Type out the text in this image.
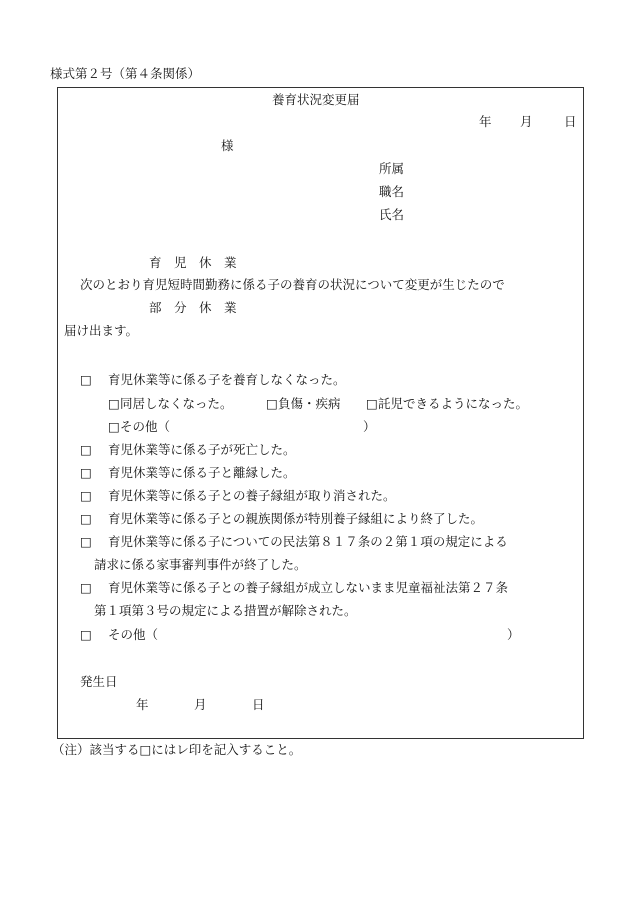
様式第２号（第４条関係）
養育状況変更届
年 月	日
様
所属
職名
氏名
育　児　休　業
次のとおり育児短時間勤務に係る子の養育の状況について変更が生じたので
部　分　休　業
届け出ます。
□ 育児休業等に係る子を養育しなくなった。
□ 同居しなくなった。	□ 負傷・疾病 □ 託児できるようになった。
□ その他（	）
□ 育児休業等に係る子が死亡した。
□ 育児休業等に係る子と離縁した。
□ 育児休業等に係る子との養子縁組が取り消された。
□ 育児休業等に係る子との親族関係が特別養子縁組により終了した。
□ 育児休業等に係る子についての民法第８１７条の２第１項の規定による
請求に係る家事審判事件が終了した。
□ 育児休業等に係る子との養子縁組が成立しないまま児童福祉法第２７条
第１項第３号の規定による措置が解除された。
□ その他（	）
発生日
年	月	日
（注）該当する□にはレ印を記入すること。
